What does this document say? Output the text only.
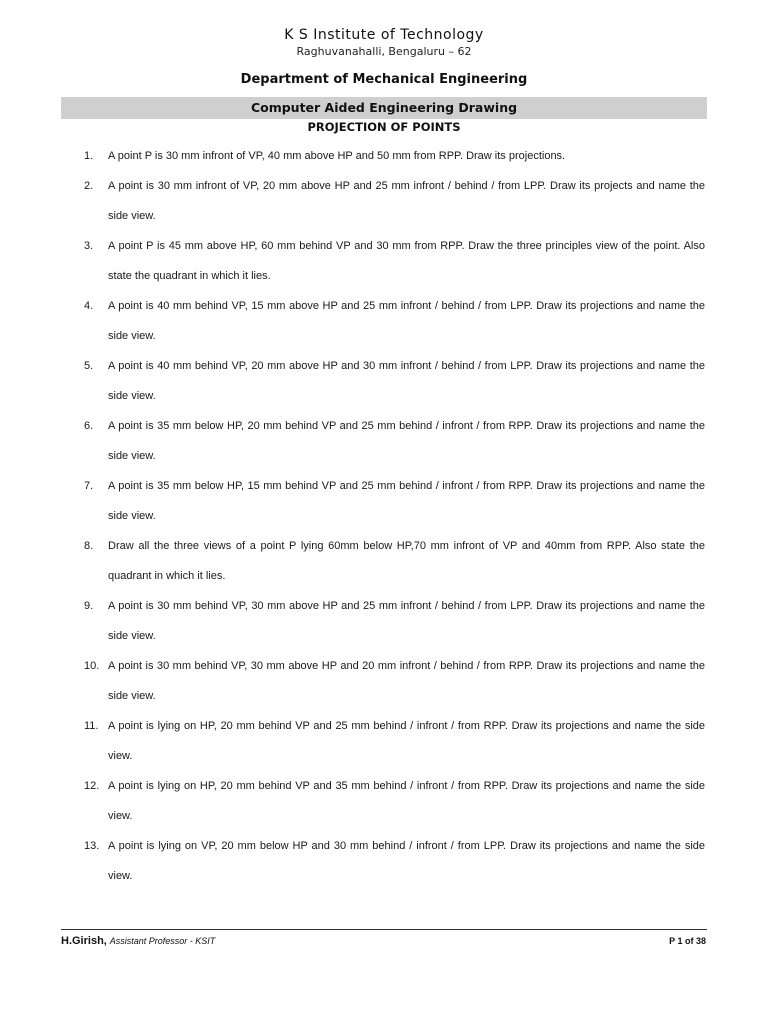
K S Institute of Technology
Raghuvanahalli, Bengaluru – 62
Department of Mechanical Engineering
Computer Aided Engineering Drawing
PROJECTION OF POINTS
1. A point P is 30 mm infront of VP, 40 mm above HP and 50 mm from RPP. Draw its projections.
2. A point is 30 mm infront of VP, 20 mm above HP and 25 mm infront / behind / from LPP. Draw its projects and name the side view.
3. A point P is 45 mm above HP, 60 mm behind VP and 30 mm from RPP. Draw the three principles view of the point. Also state the quadrant in which it lies.
4. A point is 40 mm behind VP, 15 mm above HP and 25 mm infront / behind / from LPP. Draw its projections and name the side view.
5. A point is 40 mm behind VP, 20 mm above HP and 30 mm infront / behind / from LPP. Draw its projections and name the side view.
6. A point is 35 mm below HP, 20 mm behind VP and 25 mm behind / infront / from RPP. Draw its projections and name the side view.
7. A point is 35 mm below HP, 15 mm behind VP and 25 mm behind / infront / from RPP. Draw its projections and name the side view.
8. Draw all the three views of a point P lying 60mm below HP,70 mm infront of VP and 40mm from RPP. Also state the quadrant in which it lies.
9. A point is 30 mm behind VP, 30 mm above HP and 25 mm infront / behind / from LPP. Draw its projections and name the side view.
10. A point is 30 mm behind VP, 30 mm above HP and 20 mm infront / behind / from RPP. Draw its projections and name the side view.
11. A point is lying on HP, 20 mm behind VP and 25 mm behind / infront / from RPP. Draw its projections and name the side view.
12. A point is lying on HP, 20 mm behind VP and 35 mm behind / infront / from RPP. Draw its projections and name the side view.
13. A point is lying on VP, 20 mm below HP and 30 mm behind / infront / from LPP. Draw its projections and name the side view.
H.Girish, Assistant Professor - KSIT	P 1 of 38
